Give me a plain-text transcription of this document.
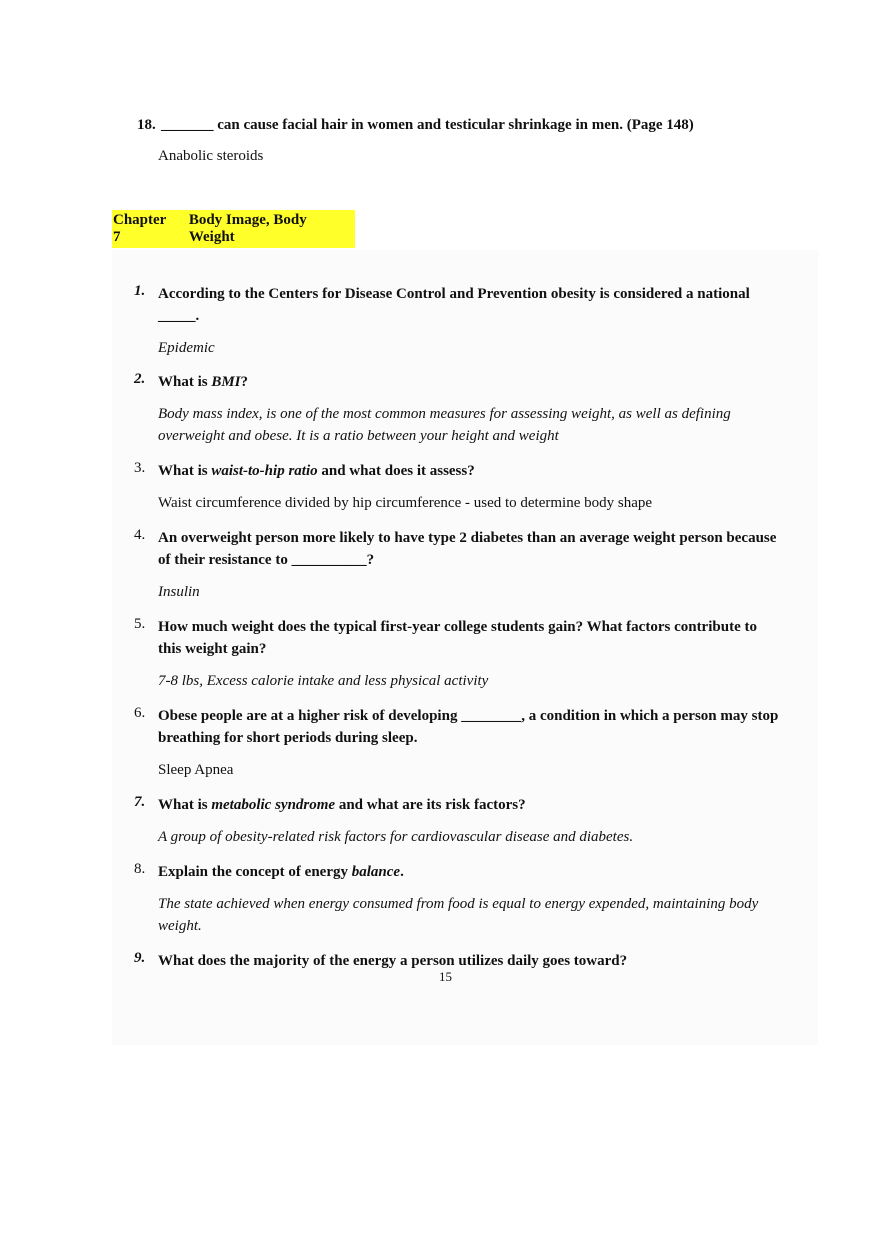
18. _______ can cause facial hair in women and testicular shrinkage in men. (Page 148)
Anabolic steroids
Chapter 7
Body Image, Body Weight
1. According to the Centers for Disease Control and Prevention obesity is considered a national _____.
Epidemic
2. What is BMI?
Body mass index, is one of the most common measures for assessing weight, as well as defining overweight and obese. It is a ratio between your height and weight
3. What is waist-to-hip ratio and what does it assess?
Waist circumference divided by hip circumference - used to determine body shape
4. An overweight person more likely to have type 2 diabetes than an average weight person because of their resistance to __________?
Insulin
5. How much weight does the typical first-year college students gain? What factors contribute to this weight gain?
7-8 lbs, Excess calorie intake and less physical activity
6. Obese people are at a higher risk of developing ________, a condition in which a person may stop breathing for short periods during sleep.
Sleep Apnea
7. What is metabolic syndrome and what are its risk factors?
A group of obesity-related risk factors for cardiovascular disease and diabetes.
8. Explain the concept of energy balance.
The state achieved when energy consumed from food is equal to energy expended, maintaining body weight.
9. What does the majority of the energy a person utilizes daily goes toward?
15
